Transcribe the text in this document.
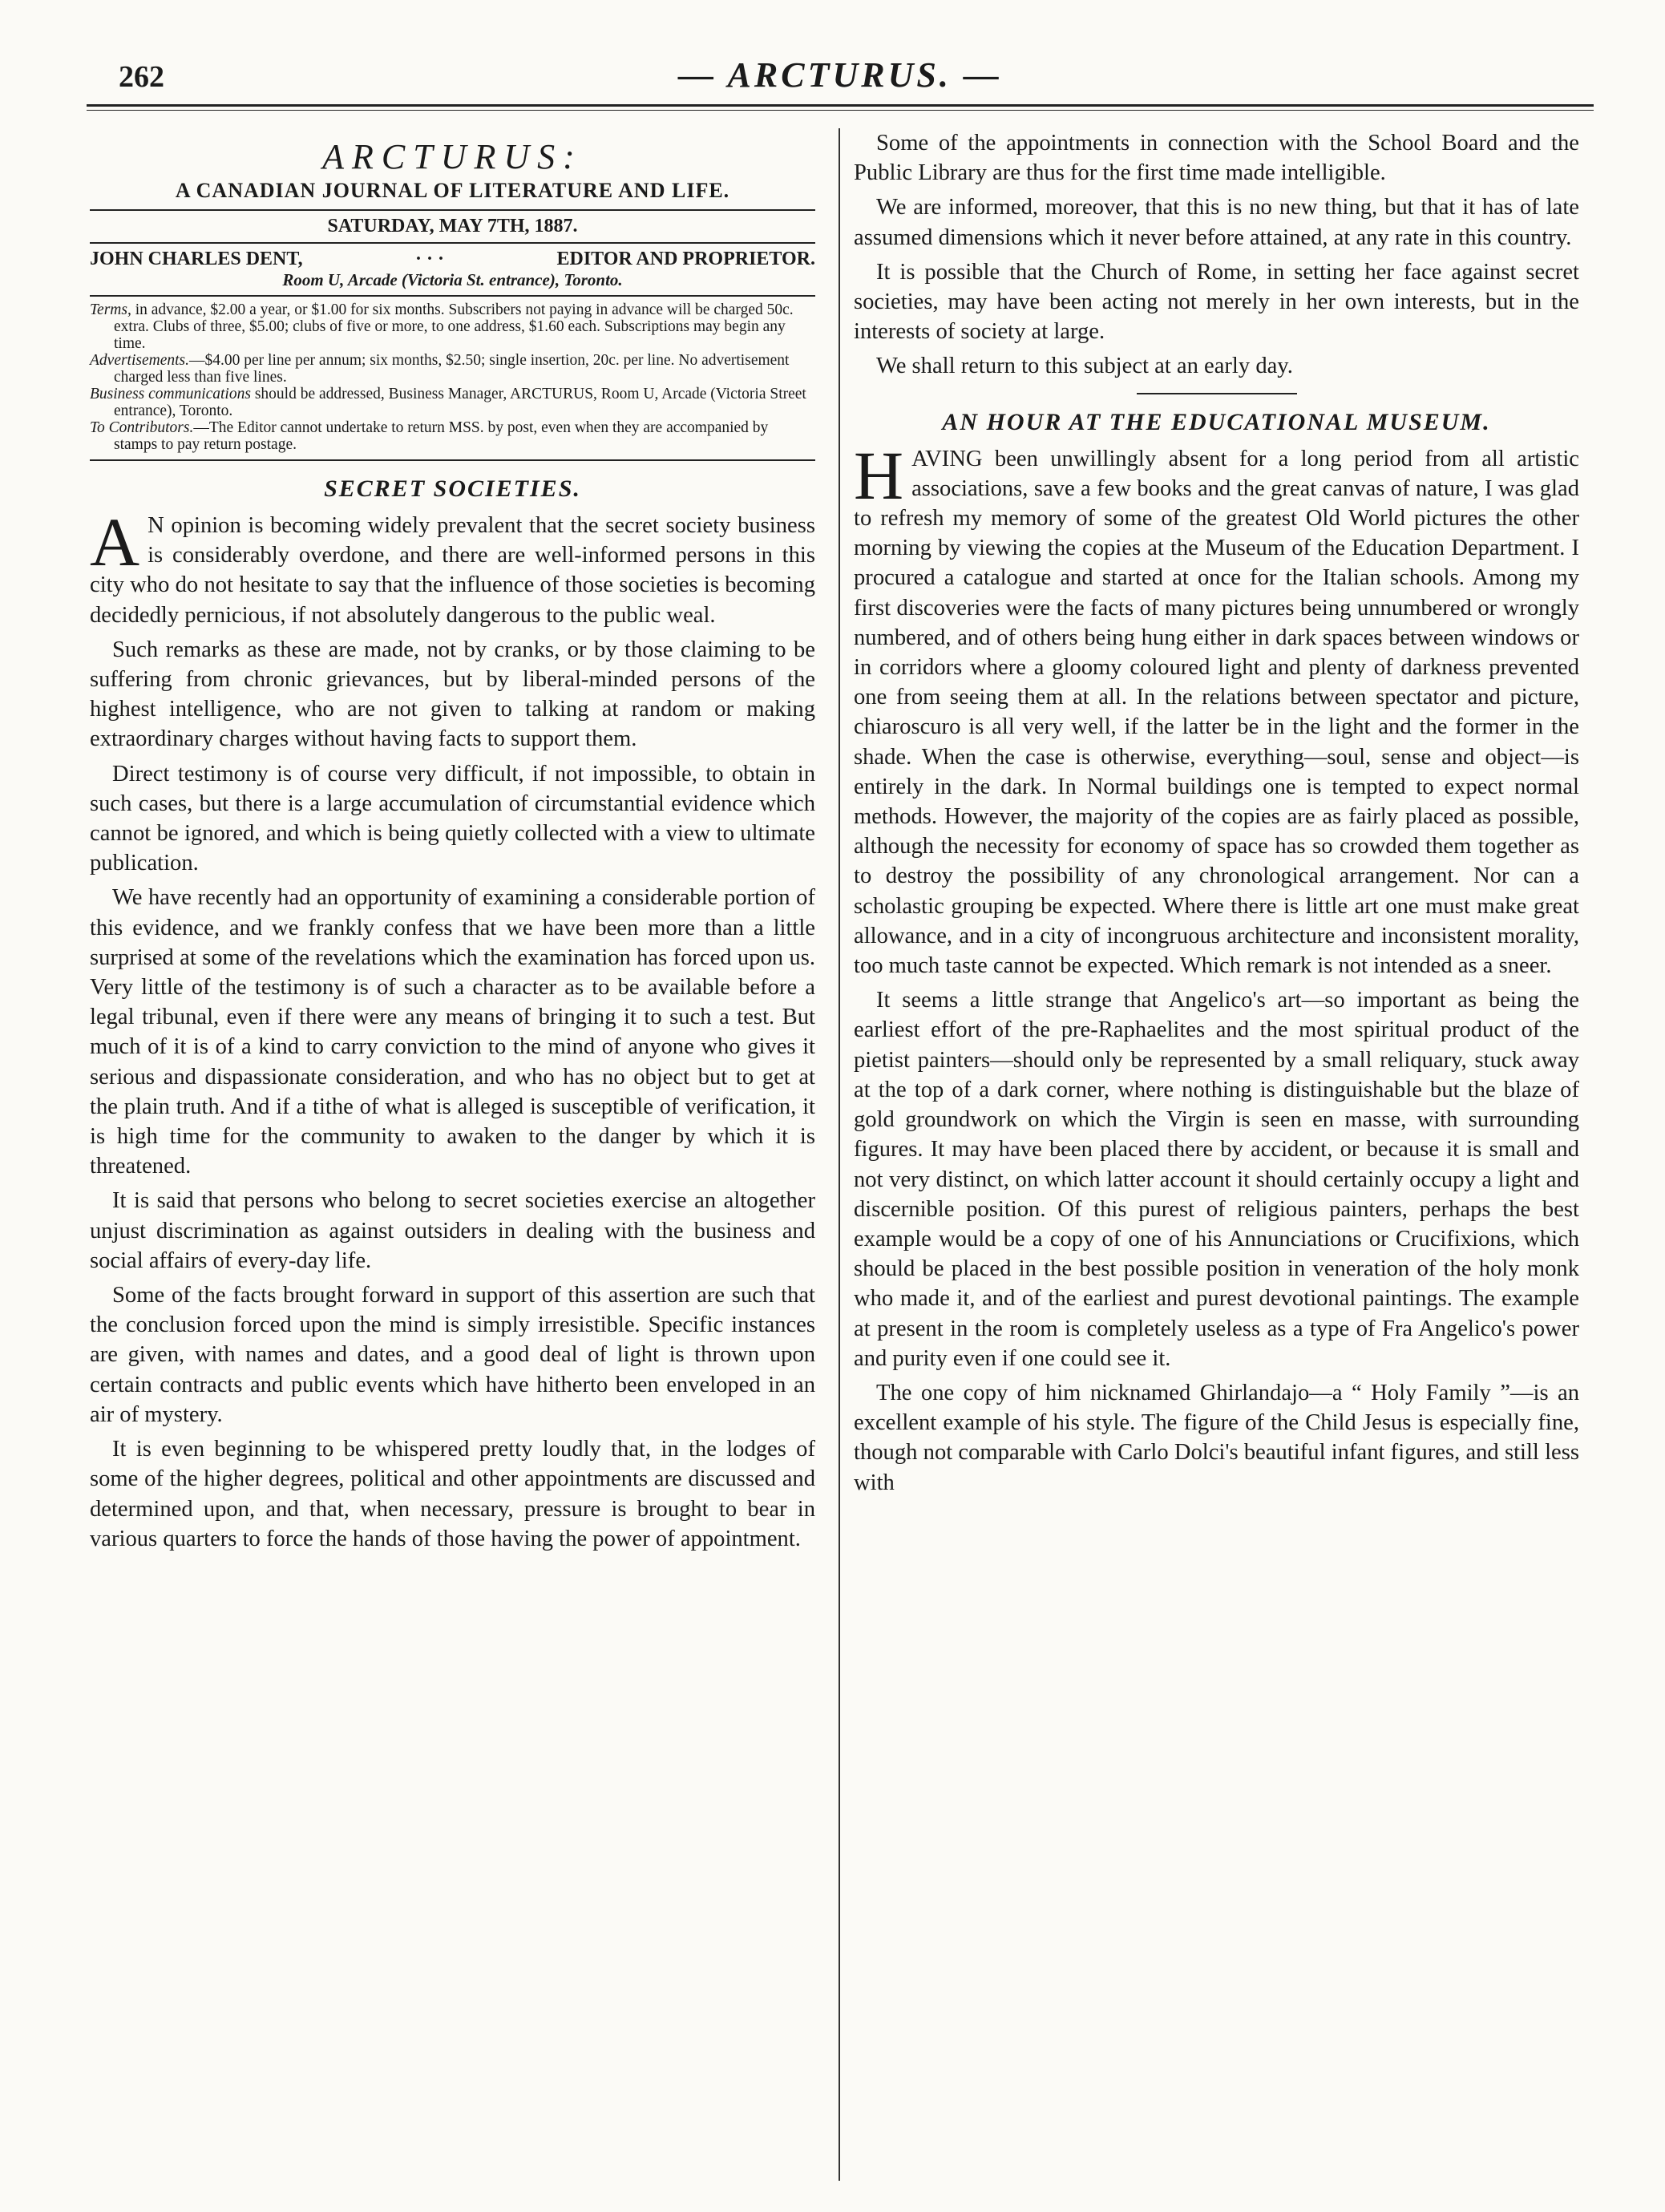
262	— ARCTURUS. —
ARCTURUS:
A CANADIAN JOURNAL OF LITERATURE AND LIFE.
SATURDAY, MAY 7TH, 1887.
JOHN CHARLES DENT,	· · ·	EDITOR AND PROPRIETOR.
Room U, Arcade (Victoria St. entrance), Toronto.

Terms, in advance, $2.00 a year, or $1.00 for six months. Subscribers not paying in advance will be charged 50c. extra. Clubs of three, $5.00; clubs of five or more, to one address, $1.60 each. Subscriptions may begin any time.

Advertisements.—$4.00 per line per annum; six months, $2.50; single insertion, 20c. per line. No advertisement charged less than five lines.

Business communications should be addressed, Business Manager, ARCTURUS, Room U, Arcade (Victoria Street entrance), Toronto.

To Contributors.—The Editor cannot undertake to return MSS. by post, even when they are accompanied by stamps to pay return postage.

SECRET SOCIETIES.

A N opinion is becoming widely prevalent that the secret society business is considerably overdone, and there are well-informed persons in this city who do not hesitate to say that the influence of those societies is becoming decidedly pernicious, if not absolutely dangerous to the public weal.

Such remarks as these are made, not by cranks, or by those claiming to be suffering from chronic grievances, but by liberal-minded persons of the highest intelligence, who are not given to talking at random or making extraordinary charges without having facts to support them.

Direct testimony is of course very difficult, if not impossible, to obtain in such cases, but there is a large accumulation of circumstantial evidence which cannot be ignored, and which is being quietly collected with a view to ultimate publication.

We have recently had an opportunity of examining a considerable portion of this evidence, and we frankly confess that we have been more than a little surprised at some of the revelations which the examination has forced upon us. Very little of the testimony is of such a character as to be available before a legal tribunal, even if there were any means of bringing it to such a test. But much of it is of a kind to carry conviction to the mind of anyone who gives it serious and dispassionate consideration, and who has no object but to get at the plain truth. And if a tithe of what is alleged is susceptible of verification, it is high time for the community to awaken to the danger by which it is threatened.

It is said that persons who belong to secret societies exercise an altogether unjust discrimination as against outsiders in dealing with the business and social affairs of every-day life.

Some of the facts brought forward in support of this assertion are such that the conclusion forced upon the mind is simply irresistible. Specific instances are given, with names and dates, and a good deal of light is thrown upon certain contracts and public events which have hitherto been enveloped in an air of mystery.

It is even beginning to be whispered pretty loudly that, in the lodges of some of the higher degrees, political and other appointments are discussed and determined upon, and that, when necessary, pressure is brought to bear in various quarters to force the hands of those having the power of appointment.

Some of the appointments in connection with the School Board and the Public Library are thus for the first time made intelligible.

We are informed, moreover, that this is no new thing, but that it has of late assumed dimensions which it never before attained, at any rate in this country.

It is possible that the Church of Rome, in setting her face against secret societies, may have been acting not merely in her own interests, but in the interests of society at large.

We shall return to this subject at an early day.

AN HOUR AT THE EDUCATIONAL MUSEUM.

HAVING been unwillingly absent for a long period from all artistic associations, save a few books and the great canvas of nature, I was glad to refresh my memory of some of the greatest Old World pictures the other morning by viewing the copies at the Museum of the Education Department. I procured a catalogue and started at once for the Italian schools. Among my first discoveries were the facts of many pictures being unnumbered or wrongly numbered, and of others being hung either in dark spaces between windows or in corridors where a gloomy coloured light and plenty of darkness prevented one from seeing them at all. In the relations between spectator and picture, chiaroscuro is all very well, if the latter be in the light and the former in the shade. When the case is otherwise, everything—soul, sense and object—is entirely in the dark. In Normal buildings one is tempted to expect normal methods. However, the majority of the copies are as fairly placed as possible, although the necessity for economy of space has so crowded them together as to destroy the possibility of any chronological arrangement. Nor can a scholastic grouping be expected. Where there is little art one must make great allowance, and in a city of incongruous architecture and inconsistent morality, too much taste cannot be expected. Which remark is not intended as a sneer.

It seems a little strange that Angelico's art—so important as being the earliest effort of the pre-Raphaelites and the most spiritual product of the pietist painters—should only be represented by a small reliquary, stuck away at the top of a dark corner, where nothing is distinguishable but the blaze of gold groundwork on which the Virgin is seen en masse, with surrounding figures. It may have been placed there by accident, or because it is small and not very distinct, on which latter account it should certainly occupy a light and discernible position. Of this purest of religious painters, perhaps the best example would be a copy of one of his Annunciations or Crucifixions, which should be placed in the best possible position in veneration of the holy monk who made it, and of the earliest and purest devotional paintings. The example at present in the room is completely useless as a type of Fra Angelico's power and purity even if one could see it.

The one copy of him nicknamed Ghirlandajo—a “ Holy Family ”—is an excellent example of his style. The figure of the Child Jesus is especially fine, though not comparable with Carlo Dolci's beautiful infant figures, and still less with
